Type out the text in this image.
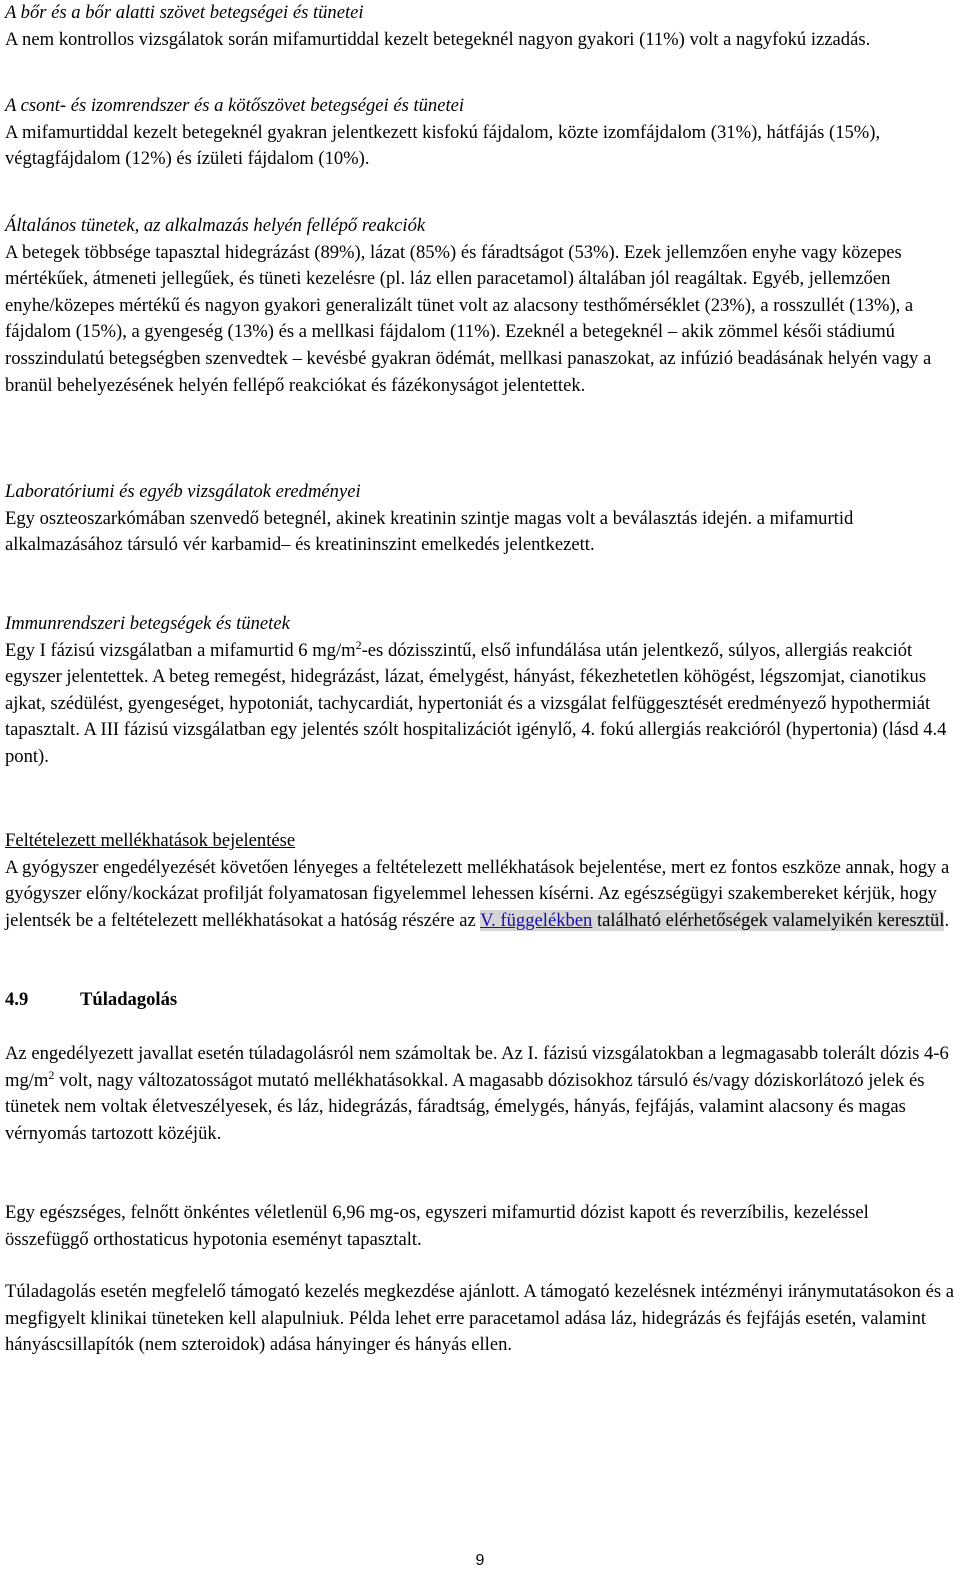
A bőr és a bőr alatti szövet betegségei és tünetei

A nem kontrollos vizsgálatok során mifamurtiddal kezelt betegeknél nagyon gyakori (11%) volt a nagyfokú izzadás.

A csont- és izomrendszer és a kötőszövet betegségei és tünetei

A mifamurtiddal kezelt betegeknél gyakran jelentkezett kisfokú fájdalom, közte izomfájdalom (31%), hátfájás (15%), végtagfájdalom (12%) és ízületi fájdalom (10%).

Általános tünetek, az alkalmazás helyén fellépő reakciók

A betegek többsége tapasztal hidegrázást (89%), lázat (85%) és fáradtságot (53%). Ezek jellemzően enyhe vagy közepes mértékűek, átmeneti jellegűek, és tüneti kezelésre (pl. láz ellen paracetamol) általában jól reagáltak. Egyéb, jellemzően enyhe/közepes mértékű és nagyon gyakori generalizált tünet volt az alacsony testhőmérséklet (23%), a rosszullét (13%), a fájdalom (15%), a gyengeség (13%) és a mellkasi fájdalom (11%). Ezeknél a betegeknél – akik zömmel késői stádiumú rosszindulatú betegségben szenvedtek – kevésbé gyakran ödémát, mellkasi panaszokat, az infúzió beadásának helyén vagy a branül behelyezésének helyén fellépő reakciókat és fázékonyságot jelentettek.

Laboratóriumi és egyéb vizsgálatok eredményei

Egy oszteoszarkómában szenvedő betegnél, akinek kreatinin szintje magas volt a beválasztás idején. a mifamurtid alkalmazásához társuló vér karbamid– és kreatininszint emelkedés jelentkezett.

Immunrendszeri betegségek és tünetek

Egy I fázisú vizsgálatban a mifamurtid 6 $mg/m^2-es$ dózisszintű, első infundálása után jelentkező, súlyos, allergiás reakciót egyszer jelentettek. A beteg remegést, hidegrázást, lázat, émelygést, hányást, fékezhetetlen köhögést, légszomjat, cianotikus ajkat, szédülést, gyengeséget, hypotoniát, tachycardiát, hypertoniát és a vizsgálat felfüggesztését eredményező hypothermiát tapasztalt. A III fázisú vizsgálatban egy jelentés szólt hospitalizációt igénylő, 4. fokú allergiás reakcióról (hypertonia) (lásd 4.4 pont).

Feltételezett mellékhatások bejelentése

A gyógyszer engedélyezését követően lényeges a feltételezett mellékhatások bejelentése, mert ez fontos eszköze annak, hogy a gyógyszer előny/kockázat profilját folyamatosan figyelemmel lehessen kísérni. Az egészségügyi szakembereket kérjük, hogy jelentsék be a feltételezett mellékhatásokat a hatóság részére az V. függelékben található elérhetőségek valamelyikén keresztül.

4.9	Túladagolás

Az engedélyezett javallat esetén túladagolásról nem számoltak be. Az I. fázisú vizsgálatokban a legmagasabb tolerált dózis 4-6 $mg/m^2$ volt, nagy változatosságot mutató mellékhatásokkal. A magasabb dózisokhoz társuló és/vagy dóziskorlátozó jelek és tünetek nem voltak életveszélyesek, és láz, hidegrázás, fáradtság, émelygés, hányás, fejfájás, valamint alacsony és magas vérnyomás tartozott közéjük.

Egy egészséges, felnőtt önkéntes véletlenül 6,96 mg-os, egyszeri mifamurtid dózist kapott és reverzíbilis, kezeléssel összefüggő orthostaticus hypotonia eseményt tapasztalt.

Túladagolás esetén megfelelő támogató kezelés megkezdése ajánlott. A támogató kezelésnek intézményi iránymutatásokon és a megfigyelt klinikai tüneteken kell alapulniuk. Példa lehet erre paracetamol adása láz, hidegrázás és fejfájás esetén, valamint hányáscsillapítók (nem szteroidok) adása hányinger és hányás ellen.

9
